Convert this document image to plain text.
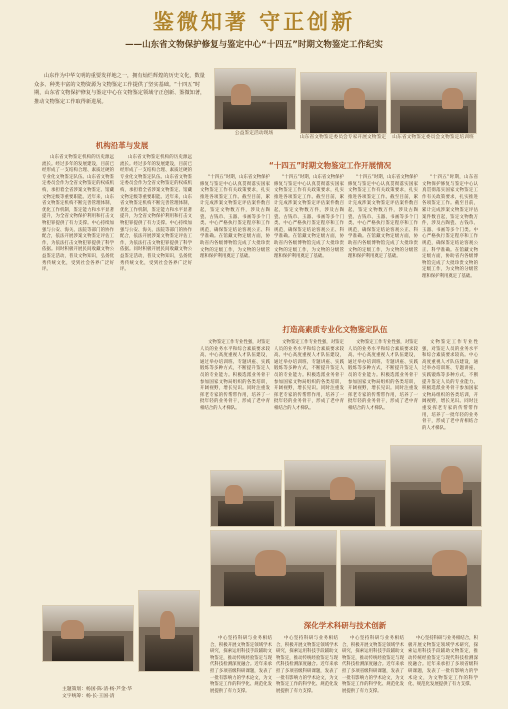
鉴微知著 守正创新
——山东省文物保护修复与鉴定中心“十四五”时期文物鉴定工作纪实
山东作为中华文明的重要发祥地之一，拥有灿烂辉煌的历史文化，数量众多、种类丰富的文物资源为文物鉴定工作提供了坚实基础。“十四五”时期，山东省文物保护修复与鉴定中心在文物鉴定领域守正创新、鉴微知著，推动文物鉴定工作取得新进展。
公益鉴定活动现场
山东省文物鉴定委员会专家开展文物鉴定	山东省文物鉴定委员会文物鉴定培训班
机构沿革与发展

山东省文物鉴定机构的历史源远流长。经过多年的发展建设，目前已经形成了一支结构合理、素质过硬的专业化文物鉴定队伍。山东省文物鉴定委员会作为全省文物鉴定的权威机构，承担着全省涉案文物鉴定、馆藏文物定级等重要职能。近年来，山东省文物鉴定机构不断完善管理体制，优化工作机制，鉴定能力和水平显著提升，为全省文物保护利用和打击文物犯罪提供了有力支撑。中心持续加强与公安、海关、法院等部门的协作配合，依法开展涉案文物鉴定评估工作，为依法打击文物犯罪提供了科学依据。同时积极开展民间收藏文物公益鉴定活动，普及文物知识，弘扬优秀传统文化，受到社会各界广泛好评。

山东省文物鉴定机构的历史源远流长。经过多年的发展建设，目前已经形成了一支结构合理、素质过硬的专业化文物鉴定队伍。山东省文物鉴定委员会作为全省文物鉴定的权威机构，承担着全省涉案文物鉴定、馆藏文物定级等重要职能。近年来，山东省文物鉴定机构不断完善管理体制，优化工作机制，鉴定能力和水平显著提升，为全省文物保护利用和打击文物犯罪提供了有力支撑。中心持续加强与公安、海关、法院等部门的协作配合，依法开展涉案文物鉴定评估工作，为依法打击文物犯罪提供了科学依据。同时积极开展民间收藏文物公益鉴定活动，普及文物知识，弘扬优秀传统文化，受到社会各界广泛好评。

“十四五”时期文物鉴定工作开展情况

“十四五”时期，山东省文物保护修复与鉴定中心认真贯彻落实国家文物鉴定工作有关政策要求，扎实推进各项鉴定工作。截至目前，累计完成涉案文物鉴定评估案件数百起，鉴定文物数万件，涉及古陶瓷、古钱币、玉器、书画等多个门类。中心严格执行鉴定程序和工作规范，确保鉴定结论客观公正、科学准确。在馆藏文物定级方面，协助省内各级博物馆完成了大批珍贵文物的定级工作，为文物的分级管理和保护利用奠定了基础。

“十四五”时期，山东省文物保护修复与鉴定中心认真贯彻落实国家文物鉴定工作有关政策要求，扎实推进各项鉴定工作。截至目前，累计完成涉案文物鉴定评估案件数百起，鉴定文物数万件，涉及古陶瓷、古钱币、玉器、书画等多个门类。中心严格执行鉴定程序和工作规范，确保鉴定结论客观公正、科学准确。在馆藏文物定级方面，协助省内各级博物馆完成了大批珍贵文物的定级工作，为文物的分级管理和保护利用奠定了基础。

“十四五”时期，山东省文物保护修复与鉴定中心认真贯彻落实国家文物鉴定工作有关政策要求，扎实推进各项鉴定工作。截至目前，累计完成涉案文物鉴定评估案件数百起，鉴定文物数万件，涉及古陶瓷、古钱币、玉器、书画等多个门类。中心严格执行鉴定程序和工作规范，确保鉴定结论客观公正、科学准确。在馆藏文物定级方面，协助省内各级博物馆完成了大批珍贵文物的定级工作，为文物的分级管理和保护利用奠定了基础。

“十四五”时期，山东省文物保护修复与鉴定中心认真贯彻落实国家文物鉴定工作有关政策要求，扎实推进各项鉴定工作。截至目前，累计完成涉案文物鉴定评估案件数百起，鉴定文物数万件，涉及古陶瓷、古钱币、玉器、书画等多个门类。中心严格执行鉴定程序和工作规范，确保鉴定结论客观公正、科学准确。在馆藏文物定级方面，协助省内各级博物馆完成了大批珍贵文物的定级工作，为文物的分级管理和保护利用奠定了基础。

打造高素质专业化文物鉴定队伍

文物鉴定工作专业性强，对鉴定人员的业务水平和综合素质要求较高。中心高度重视人才队伍建设，通过举办培训班、专题讲座、实践锻炼等多种方式，不断提升鉴定人员的专业能力。积极选派业务骨干参加国家文物局组织的各类培训，开阔视野，增长见识。同时注重发挥老专家的传帮带作用，培养了一批年轻的业务骨干，形成了老中青相结合的人才梯队。

文物鉴定工作专业性强，对鉴定人员的业务水平和综合素质要求较高。中心高度重视人才队伍建设，通过举办培训班、专题讲座、实践锻炼等多种方式，不断提升鉴定人员的专业能力。积极选派业务骨干参加国家文物局组织的各类培训，开阔视野，增长见识。同时注重发挥老专家的传帮带作用，培养了一批年轻的业务骨干，形成了老中青相结合的人才梯队。

文物鉴定工作专业性强，对鉴定人员的业务水平和综合素质要求较高。中心高度重视人才队伍建设，通过举办培训班、专题讲座、实践锻炼等多种方式，不断提升鉴定人员的专业能力。积极选派业务骨干参加国家文物局组织的各类培训，开阔视野，增长见识。同时注重发挥老专家的传帮带作用，培养了一批年轻的业务骨干，形成了老中青相结合的人才梯队。

文物鉴定工作专业性强，对鉴定人员的业务水平和综合素质要求较高。中心高度重视人才队伍建设，通过举办培训班、专题讲座、实践锻炼等多种方式，不断提升鉴定人员的专业能力。积极选派业务骨干参加国家文物局组织的各类培训，开阔视野，增长见识。同时注重发挥老专家的传帮带作用，培养了一批年轻的业务骨干，形成了老中青相结合的人才梯队。

深化学术科研与技术创新

中心坚持科研与业务相结合，积极开展文物鉴定领域学术研究，探索运用科技手段辅助文物鉴定，推动传统经验鉴定与现代科技检测深度融合。近年来承担了多项省级科研课题，发表了一批有影响力的学术论文，为文物鉴定工作的科学化、规范化发展提供了有力支撑。

中心坚持科研与业务相结合，积极开展文物鉴定领域学术研究，探索运用科技手段辅助文物鉴定，推动传统经验鉴定与现代科技检测深度融合。近年来承担了多项省级科研课题，发表了一批有影响力的学术论文，为文物鉴定工作的科学化、规范化发展提供了有力支撑。

中心坚持科研与业务相结合，积极开展文物鉴定领域学术研究，探索运用科技手段辅助文物鉴定，推动传统经验鉴定与现代科技检测深度融合。近年来承担了多项省级科研课题，发表了一批有影响力的学术论文，为文物鉴定工作的科学化、规范化发展提供了有力支撑。

中心坚持科研与业务相结合，积极开展文物鉴定领域学术研究，探索运用科技手段辅助文物鉴定，推动传统经验鉴定与现代科技检测深度融合。近年来承担了多项省级科研课题，发表了一批有影响力的学术论文，为文物鉴定工作的科学化、规范化发展提供了有力支撑。

主题策划：杨国·陈·清·杨·芦金·华
文字统筹：杨·长·王国·清
